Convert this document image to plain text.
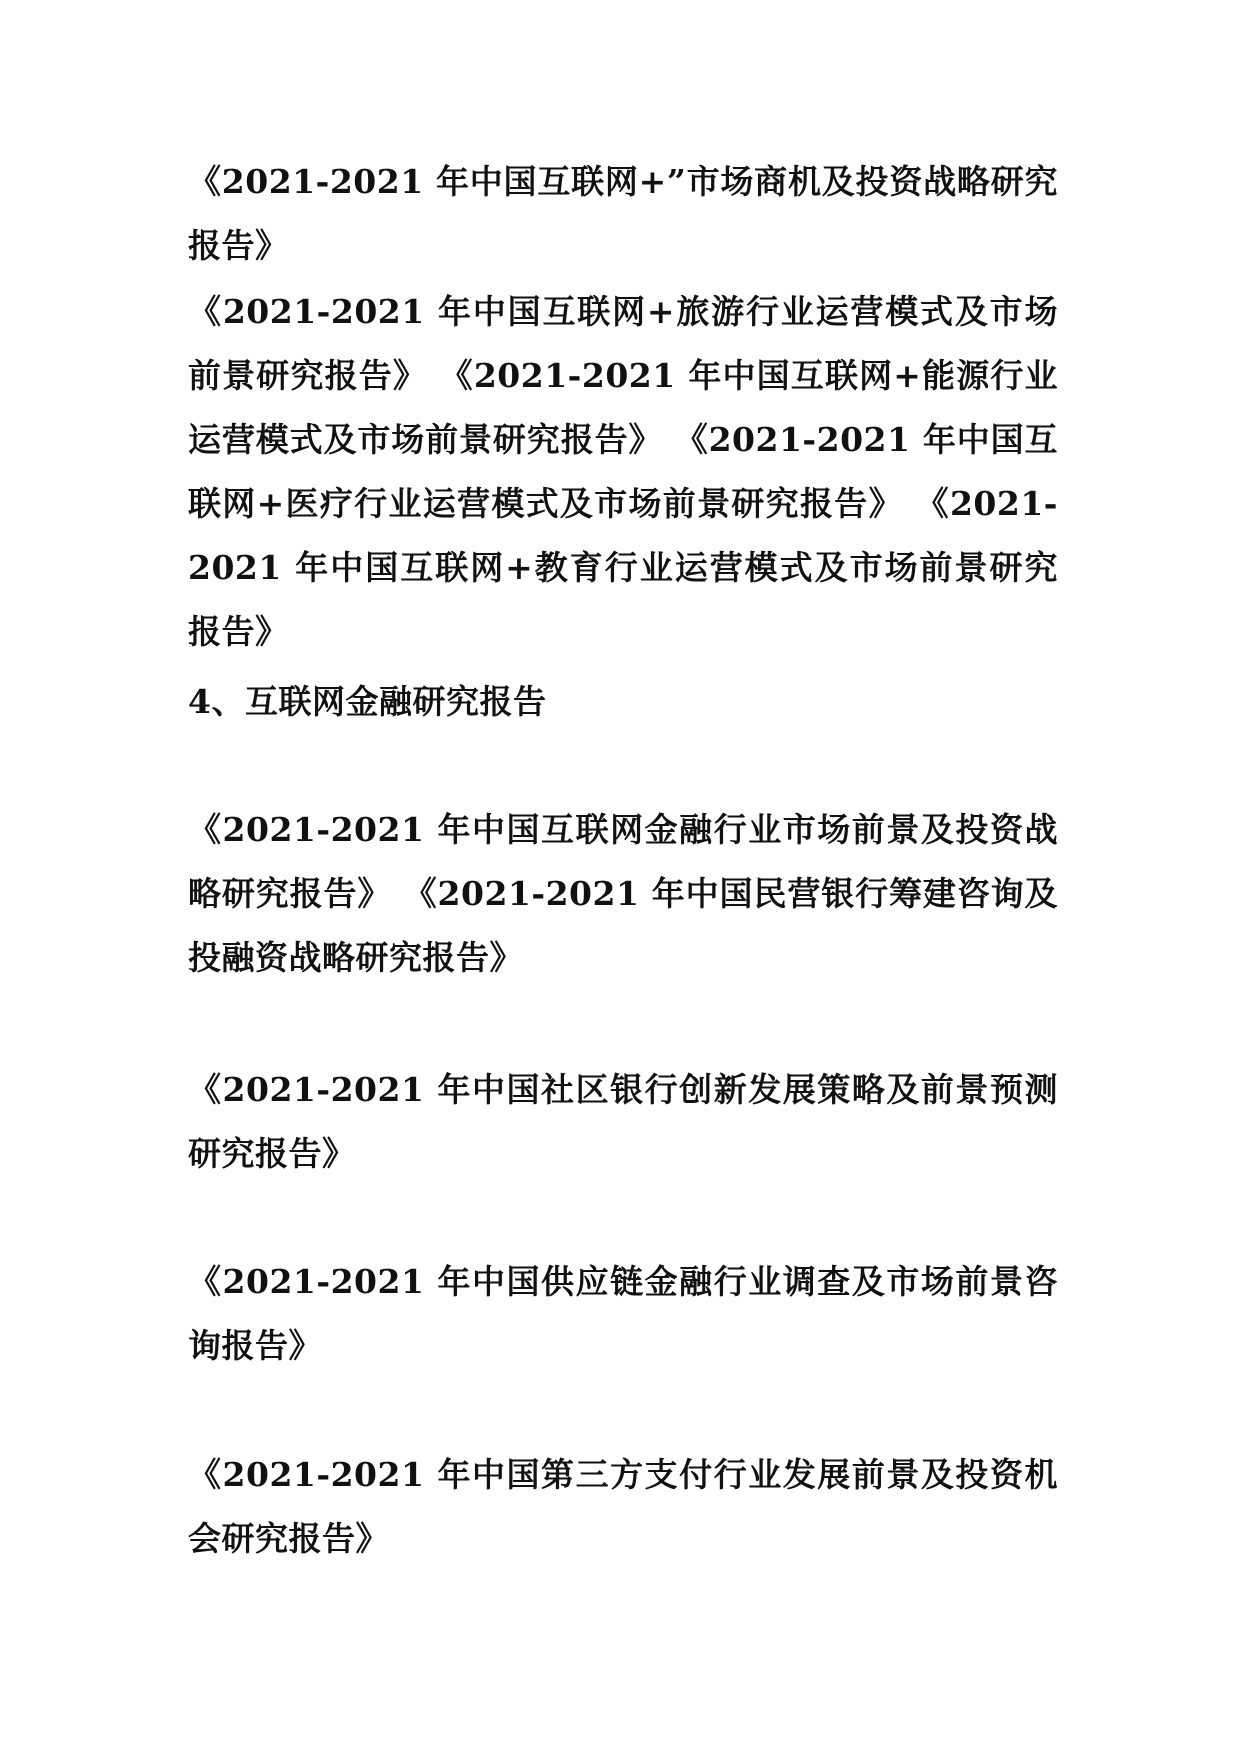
《2021-2021 年中国互联网+”市场商机及投资战略研究报告》

《2021-2021 年中国互联网+旅游行业运营模式及市场前景研究报告》 《2021-2021 年中国互联网+能源行业运营模式及市场前景研究报告》 《2021-2021 年中国互联网+医疗行业运营模式及市场前景研究报告》 《2021-2021 年中国互联网+教育行业运营模式及市场前景研究报告》

4、互联网金融研究报告

《2021-2021 年中国互联网金融行业市场前景及投资战略研究报告》 《2021-2021 年中国民营银行筹建咨询及投融资战略研究报告》

《2021-2021 年中国社区银行创新发展策略及前景预测研究报告》

《2021-2021 年中国供应链金融行业调查及市场前景咨询报告》

《2021-2021 年中国第三方支付行业发展前景及投资机会研究报告》
